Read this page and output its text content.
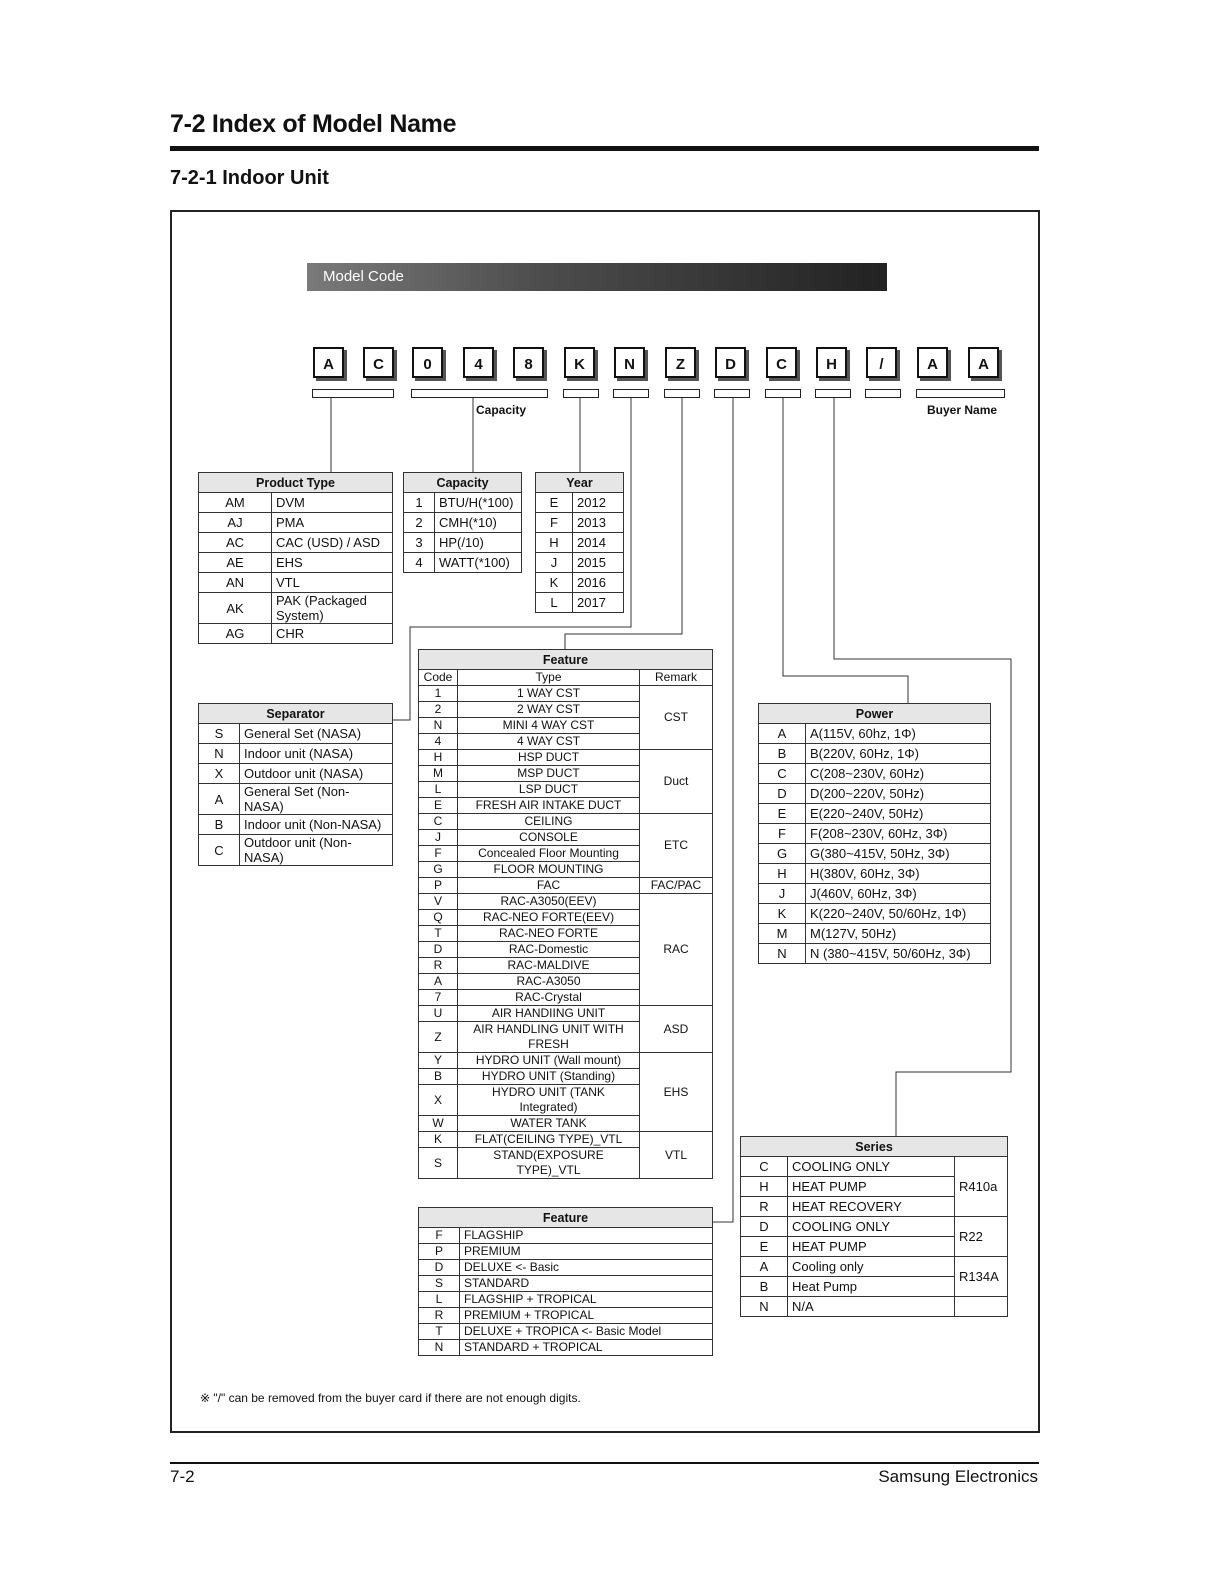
7-2 Index of Model Name
7-2-1 Indoor Unit
Model Code
A	C	0	4	8	K	N	Z	D	C	H	/	A	A
Capacity	Buyer Name
Product Type	
AM	DVM
AJ	PMA
AC	CAC (USD) / ASD
AE	EHS
AN	VTL
AK	PAK (Packaged System)
AG	CHR
Capacity	
1	BTU/H(*100)
2	CMH(*10)
3	HP(/10)
4	WATT(*100)
Year	
E	2012
F	2013
H	2014
J	2015
K	2016
L	2017
Separator	
S	General Set (NASA)
N	Indoor unit (NASA)
X	Outdoor unit (NASA)
A	General Set (Non-NASA)
B	Indoor unit (Non-NASA)
C	Outdoor unit (Non-NASA)
Feature		
Code	Type	Remark
1	1 WAY CST	CST
2	2 WAY CST	
N	MINI 4 WAY CST	
4	4 WAY CST	
H	HSP DUCT	Duct
M	MSP DUCT	
L	LSP DUCT	
E	FRESH AIR INTAKE DUCT	
C	CEILING	ETC
J	CONSOLE	
F	Concealed Floor Mounting	
G	FLOOR MOUNTING	
P	FAC	FAC/PAC
V	RAC-A3050(EEV)	RAC
Q	RAC-NEO FORTE(EEV)	
T	RAC-NEO FORTE	
D	RAC-Domestic	
R	RAC-MALDIVE	
A	RAC-A3050	
7	RAC-Crystal	
U	AIR HANDIING UNIT	ASD
Z	AIR HANDLING UNIT WITH FRESH	
Y	HYDRO UNIT (Wall mount)	EHS
B	HYDRO UNIT (Standing)	
X	HYDRO UNIT (TANK Integrated)	
W	WATER TANK	
K	FLAT(CEILING TYPE)_VTL	VTL
S	STAND(EXPOSURE TYPE)_VTL	
Feature	
F	FLAGSHIP
P	PREMIUM
D	DELUXE <- Basic
S	STANDARD
L	FLAGSHIP + TROPICAL
R	PREMIUM + TROPICAL
T	DELUXE + TROPICA <- Basic Model
N	STANDARD + TROPICAL
Power	
A	A(115V, 60hz, 1Φ)
B	B(220V, 60Hz, 1Φ)
C	C(208~230V, 60Hz)
D	D(200~220V, 50Hz)
E	E(220~240V, 50Hz)
F	F(208~230V, 60Hz, 3Φ)
G	G(380~415V, 50Hz, 3Φ)
H	H(380V, 60Hz, 3Φ)
J	J(460V, 60Hz, 3Φ)
K	K(220~240V, 50/60Hz, 1Φ)
M	M(127V, 50Hz)
N	N (380~415V, 50/60Hz, 3Φ)
Series		
C	COOLING ONLY	R410a
H	HEAT PUMP	
R	HEAT RECOVERY	
D	COOLING ONLY	R22
E	HEAT PUMP	
A	Cooling only	R134A
B	Heat Pump	
N	N/A	
※ "/" can be removed from the buyer card if there are not enough digits.
7-2	Samsung Electronics
